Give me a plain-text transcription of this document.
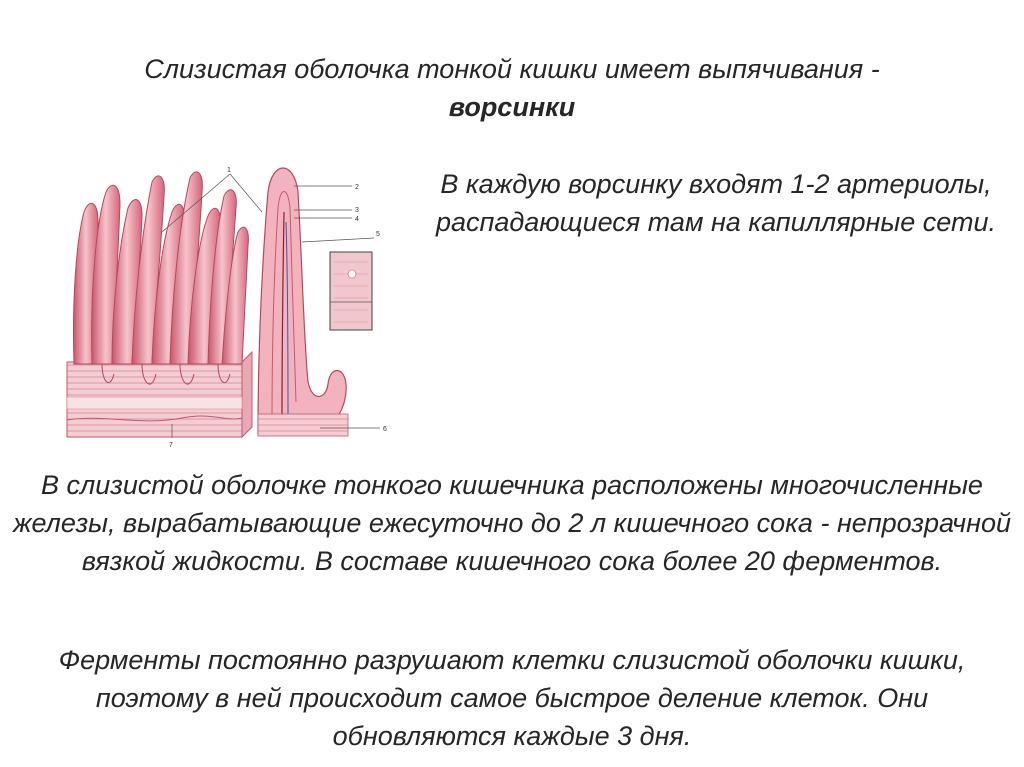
Слизистая оболочка тонкой кишки имеет выпячивания -
ворсинки
В каждую ворсинку входят 1-2 артериолы, распадающиеся там на капиллярные сети.
1
2
3
4
5
6
7
В слизистой оболочке тонкого кишечника расположены многочисленные железы, вырабатывающие ежесуточно до 2 л кишечного сока - непрозрачной вязкой жидкости. В составе кишечного сока более 20 ферментов.
Ферменты постоянно разрушают клетки слизистой оболочки кишки, поэтому в ней происходит самое быстрое деление клеток. Они обновляются каждые 3 дня.
